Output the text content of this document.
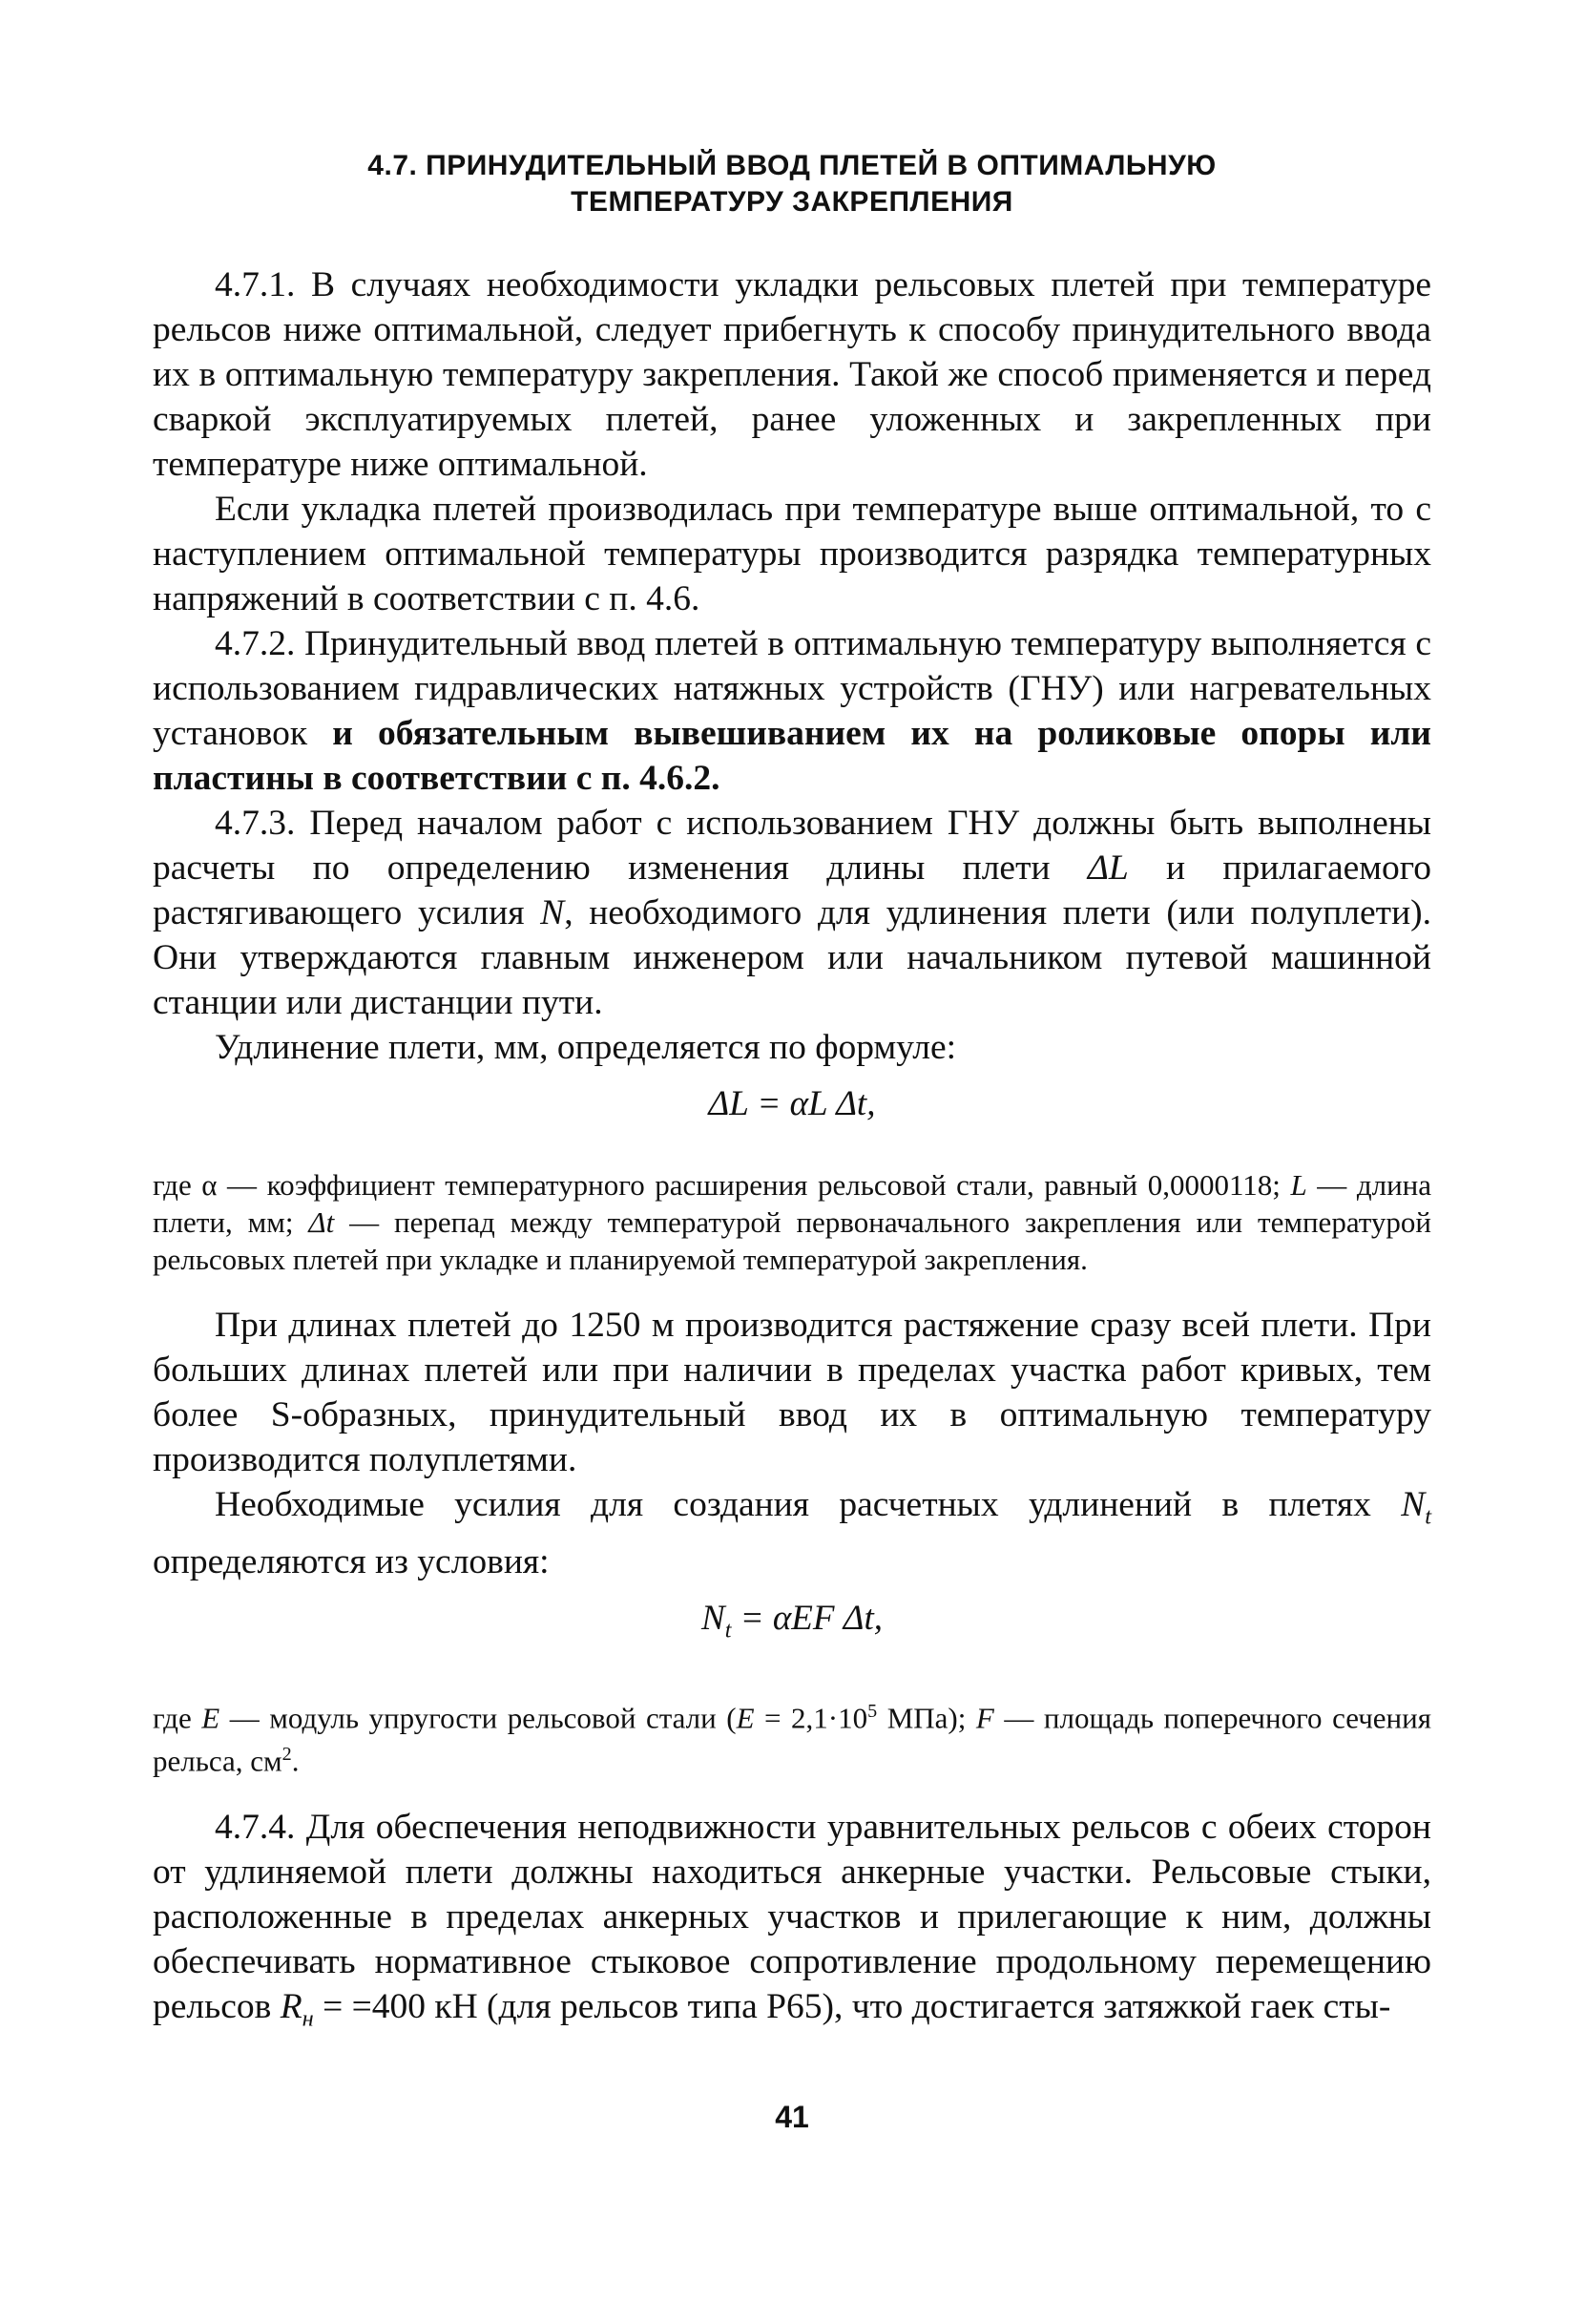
4.7. ПРИНУДИТЕЛЬНЫЙ ВВОД ПЛЕТЕЙ В ОПТИМАЛЬНУЮ
ТЕМПЕРАТУРУ ЗАКРЕПЛЕНИЯ

4.7.1. В случаях необходимости укладки рельсовых плетей при температуре рельсов ниже оптимальной, следует прибегнуть к способу принудительного ввода их в оптимальную температуру закрепления. Такой же способ применяется и перед сваркой эксплуатируемых плетей, ранее уложенных и закрепленных при температуре ниже оптимальной.

Если укладка плетей производилась при температуре выше оптимальной, то с наступлением оптимальной температуры производится разрядка температурных напряжений в соответствии с п. 4.6.

4.7.2. Принудительный ввод плетей в оптимальную температуру выполняется с использованием гидравлических натяжных устройств (ГНУ) или нагревательных установок и обязательным вывешиванием их на роликовые опоры или пластины в соответствии с п. 4.6.2.

4.7.3. Перед началом работ с использованием ГНУ должны быть выполнены расчеты по определению изменения длины плети ΔL и прилагаемого растягивающего усилия N, необходимого для удлинения плети (или полуплети). Они утверждаются главным инженером или начальником путевой машинной станции или дистанции пути.

Удлинение плети, мм, определяется по формуле:

ΔL = αL Δt,

где α — коэффициент температурного расширения рельсовой стали, равный 0,0000118; L — длина плети, мм; Δt — перепад между температурой первоначального закрепления или температурой рельсовых плетей при укладке и планируемой температурой закрепления.

При длинах плетей до 1250 м производится растяжение сразу всей плети. При больших длинах плетей или при наличии в пределах участка работ кривых, тем более S-образных, принудительный ввод их в оптимальную температуру производится полуплетями.

Необходимые усилия для создания расчетных удлинений в плетях $N_t$ определяются из условия:

$N_t = \alpha EF$ Δt,

где E — модуль упругости рельсовой стали ($E = 2,1\cdot 10^5$ МПа); F — площадь поперечного сечения рельса, $см^2$.

4.7.4. Для обеспечения неподвижности уравнительных рельсов с обеих сторон от удлиняемой плети должны находиться анкерные участки. Рельсовые стыки, расположенные в пределах анкерных участков и прилегающие к ним, должны обеспечивать нормативное стыковое сопротивление продольному перемещению рельсов $R_н = =400$ кН (для рельсов типа Р65), что достигается затяжкой гаек сты-

41
